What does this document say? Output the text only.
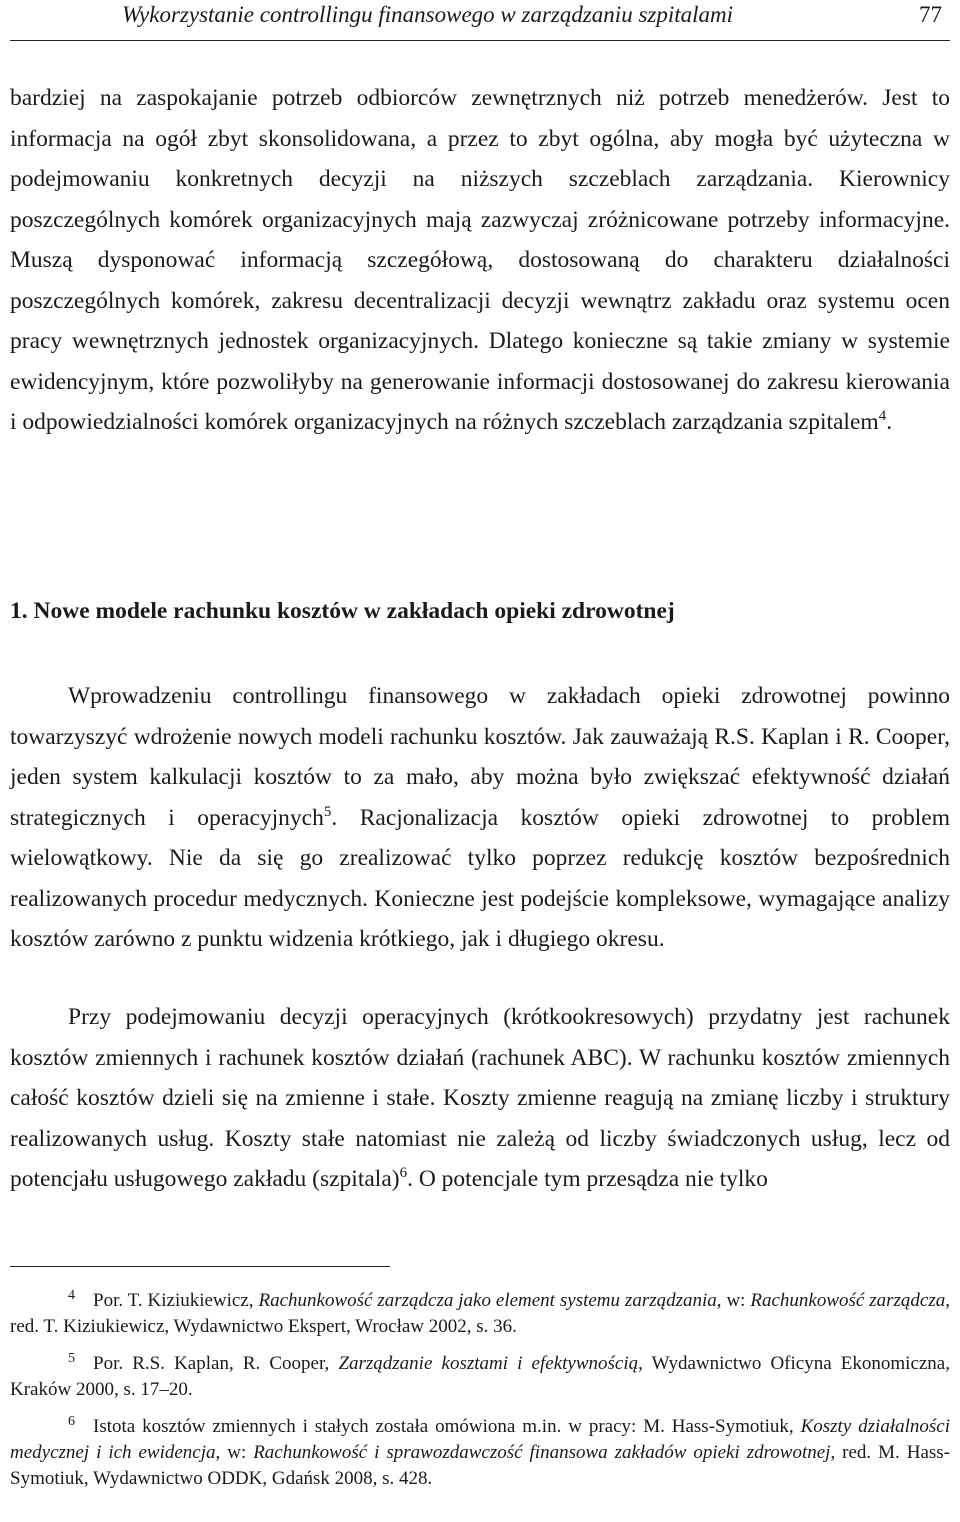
Wykorzystanie controllingu finansowego w zarządzaniu szpitalami	77

bardziej na zaspokajanie potrzeb odbiorców zewnętrznych niż potrzeb menedżerów. Jest to informacja na ogół zbyt skonsolidowana, a przez to zbyt ogólna, aby mogła być użyteczna w podejmowaniu konkretnych decyzji na niższych szczeblach zarządzania. Kierownicy poszczególnych komórek organizacyjnych mają zazwyczaj zróżnicowane potrzeby informacyjne. Muszą dysponować informacją szczegółową, dostosowaną do charakteru działalności poszczególnych komórek, zakresu decentralizacji decyzji wewnątrz zakładu oraz systemu ocen pracy wewnętrznych jednostek organizacyjnych. Dlatego konieczne są takie zmiany w systemie ewidencyjnym, które pozwoliłyby na generowanie informacji dostosowanej do zakresu kierowania i odpowiedzialności komórek organizacyjnych na różnych szczeblach zarządzania szpitalem$^4$.

1. Nowe modele rachunku kosztów w zakładach opieki zdrowotnej

Wprowadzeniu controllingu finansowego w zakładach opieki zdrowotnej powinno towarzyszyć wdrożenie nowych modeli rachunku kosztów. Jak zauważają R.S. Kaplan i R. Cooper, jeden system kalkulacji kosztów to za mało, aby można było zwiększać efektywność działań strategicznych i operacyjnych$^5$. Racjonalizacja kosztów opieki zdrowotnej to problem wielowątkowy. Nie da się go zrealizować tylko poprzez redukcję kosztów bezpośrednich realizowanych procedur medycznych. Konieczne jest podejście kompleksowe, wymagające analizy kosztów zarówno z punktu widzenia krótkiego, jak i długiego okresu.

Przy podejmowaniu decyzji operacyjnych (krótkookresowych) przydatny jest rachunek kosztów zmiennych i rachunek kosztów działań (rachunek ABC). W rachunku kosztów zmiennych całość kosztów dzieli się na zmienne i stałe. Koszty zmienne reagują na zmianę liczby i struktury realizowanych usług. Koszty stałe natomiast nie zależą od liczby świadczonych usług, lecz od potencjału usługowego zakładu (szpitala)$^6$. O potencjale tym przesądza nie tylko

$^4$ Por. T. Kiziukiewicz, Rachunkowość zarządcza jako element systemu zarządzania, w: Rachunkowość zarządcza, red. T. Kiziukiewicz, Wydawnictwo Ekspert, Wrocław 2002, s. 36.

$^5$ Por. R.S. Kaplan, R. Cooper, Zarządzanie kosztami i efektywnością, Wydawnictwo Oficyna Ekonomiczna, Kraków 2000, s. 17–20.

$^6$ Istota kosztów zmiennych i stałych została omówiona m.in. w pracy: M. Hass-Symotiuk, Koszty działalności medycznej i ich ewidencja, w: Rachunkowość i sprawozdawczość finansowa zakładów opieki zdrowotnej, red. M. Hass-Symotiuk, Wydawnictwo ODDK, Gdańsk 2008, s. 428.
